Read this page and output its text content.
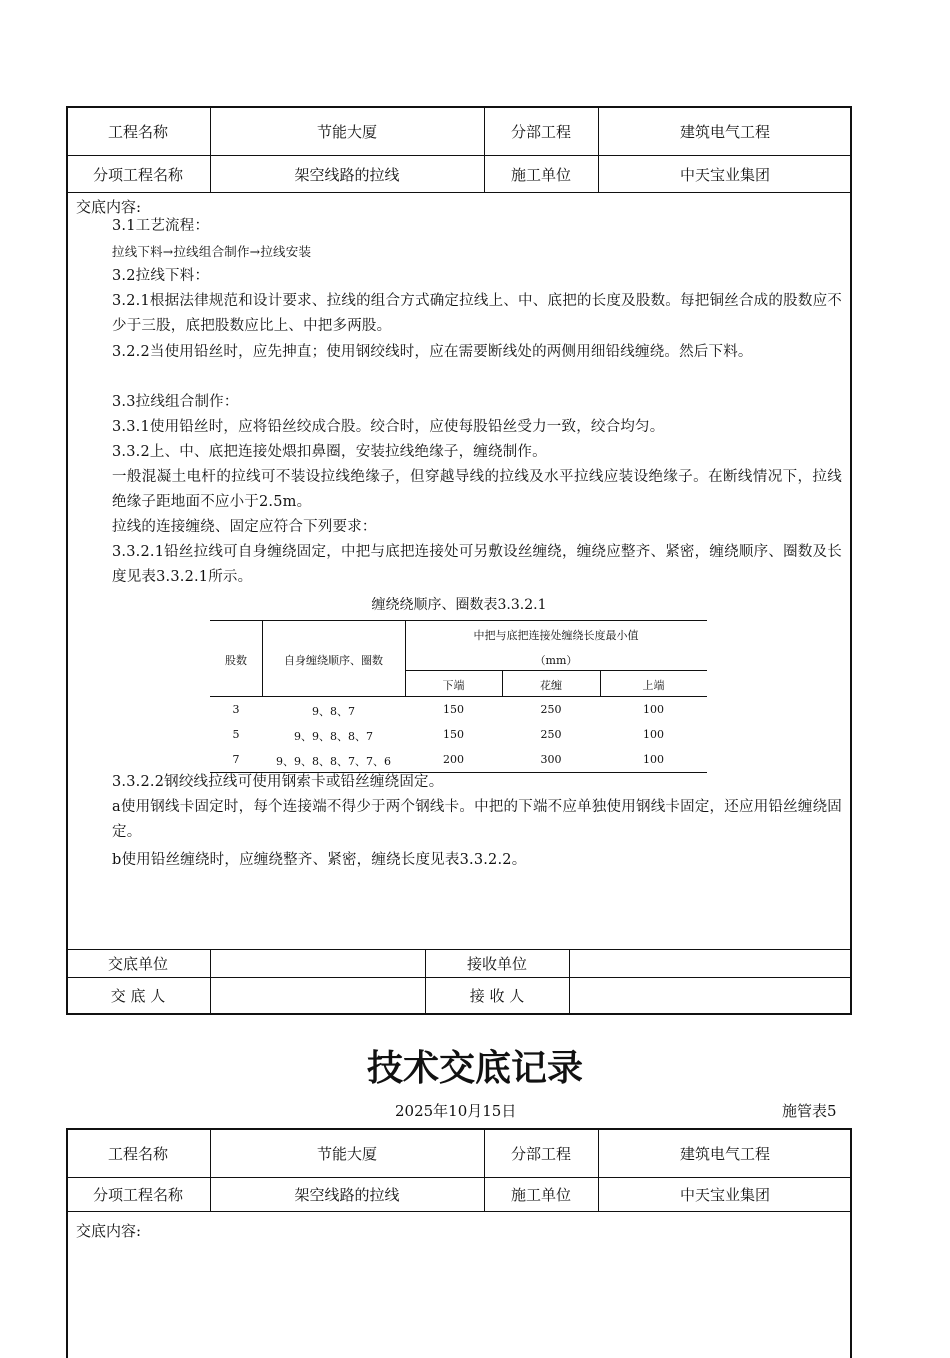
工程名称	节能大厦	分部工程	建筑电气工程
分项工程名称	架空线路的拉线	施工单位	中天宝业集团
交底内容:
3.1工艺流程：
拉线下料→拉线组合制作→拉线安装
3.2拉线下料：
3.2.1根据法律规范和设计要求、拉线的组合方式确定拉线上、中、底把的长度及股数。每把铜丝合成的股数应不少于三股，底把股数应比上、中把多两股。
3.2.2当使用铅丝时，应先抻直；使用钢绞线时，应在需要断线处的两侧用细铅线缠绕。然后下料。
3.3拉线组合制作：
3.3.1使用铅丝时，应将铅丝绞成合股。绞合时，应使每股铅丝受力一致，绞合均匀。
3.3.2上、中、底把连接处煨扣鼻圈，安装拉线绝缘子，缠绕制作。
一般混凝土电杆的拉线可不装设拉线绝缘子，但穿越导线的拉线及水平拉线应装设绝缘子。在断线情况下，拉线绝缘子距地面不应小于2.5m。
拉线的连接缠绕、固定应符合下列要求：
3.3.2.1铅丝拉线可自身缠绕固定，中把与底把连接处可另敷设丝缠绕，缠绕应整齐、紧密，缠绕顺序、圈数及长度见表3.3.2.1所示。
缠绕绕顺序、圈数表3.3.2.1
股数	自身缠绕顺序、圈数
中把与底把连接处缠绕长度最小值
（mm）
下端	花缠	上端
3	9、8、7	150	250	100
5	9、9、8、8、7	150	250	100
7	9、9、8、8、7、7、6	200	300	100
3.3.2.2钢绞线拉线可使用钢索卡或铅丝缠绕固定。
a使用钢线卡固定时，每个连接端不得少于两个钢线卡。中把的下端不应单独使用钢线卡固定，还应用铅丝缠绕固定。
b使用铅丝缠绕时，应缠绕整齐、紧密，缠绕长度见表3.3.2.2。
交底单位	接收单位
交 底 人	接 收 人
技术交底记录
2025年10月15日	施管表5
工程名称	节能大厦	分部工程	建筑电气工程
分项工程名称	架空线路的拉线	施工单位	中天宝业集团
交底内容:
